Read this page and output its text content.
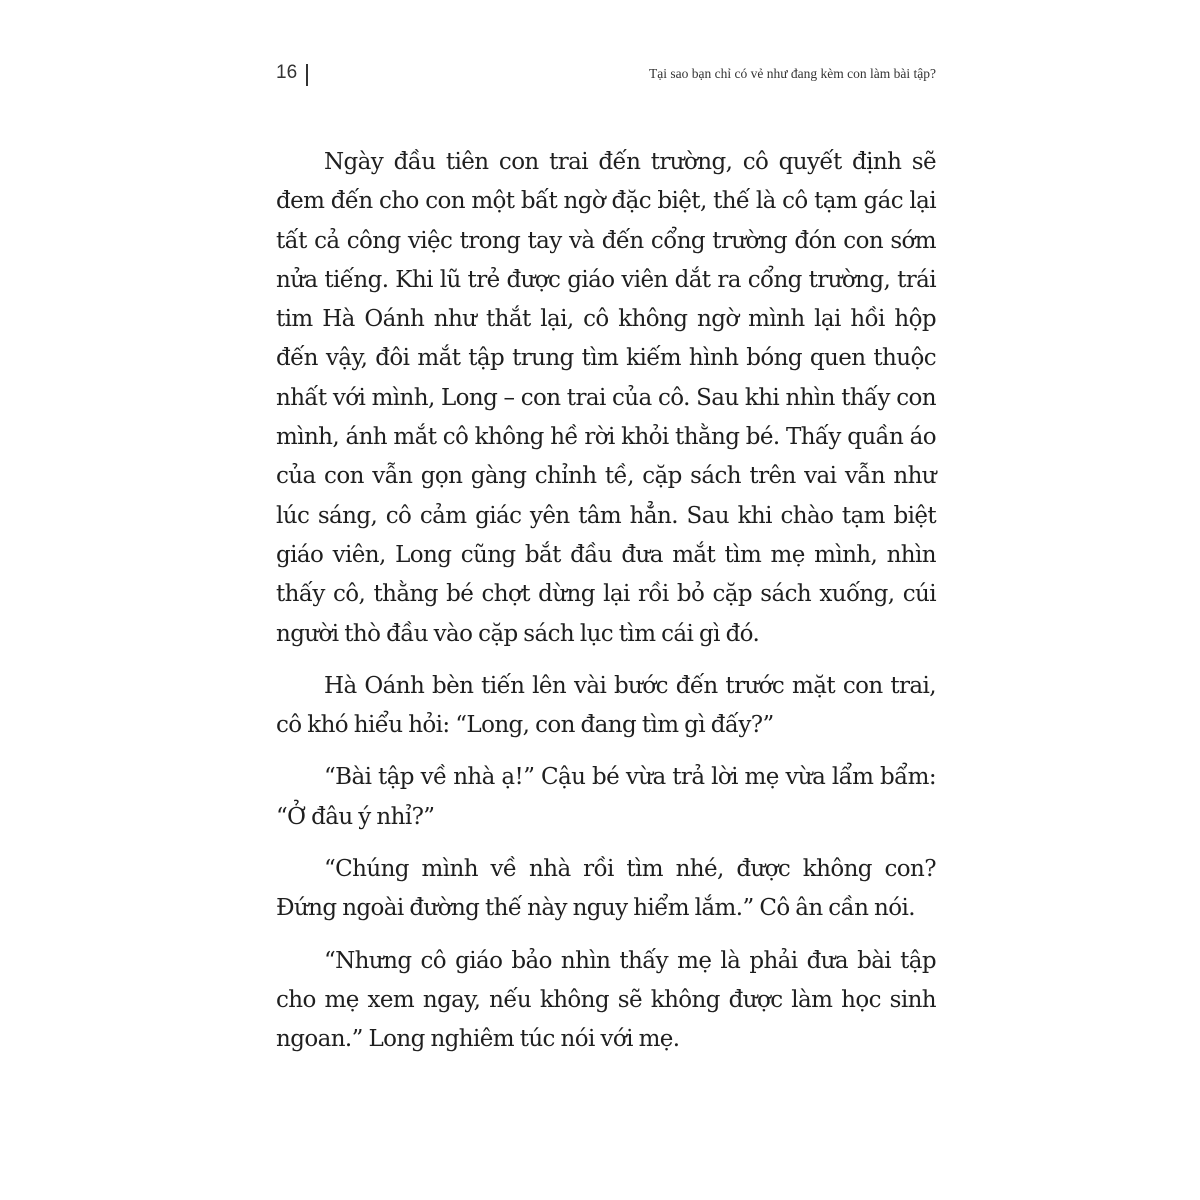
16	Tại sao bạn chỉ có vẻ như đang kèm con làm bài tập?

Ngày đầu tiên con trai đến trường, cô quyết định sẽ đem đến cho con một bất ngờ đặc biệt, thế là cô tạm gác lại tất cả công việc trong tay và đến cổng trường đón con sớm nửa tiếng. Khi lũ trẻ được giáo viên dắt ra cổng trường, trái tim Hà Oánh như thắt lại, cô không ngờ mình lại hồi hộp đến vậy, đôi mắt tập trung tìm kiếm hình bóng quen thuộc nhất với mình, Long – con trai của cô. Sau khi nhìn thấy con mình, ánh mắt cô không hề rời khỏi thằng bé. Thấy quần áo của con vẫn gọn gàng chỉnh tề, cặp sách trên vai vẫn như lúc sáng, cô cảm giác yên tâm hẳn. Sau khi chào tạm biệt giáo viên, Long cũng bắt đầu đưa mắt tìm mẹ mình, nhìn thấy cô, thằng bé chợt dừng lại rồi bỏ cặp sách xuống, cúi người thò đầu vào cặp sách lục tìm cái gì đó.

Hà Oánh bèn tiến lên vài bước đến trước mặt con trai, cô khó hiểu hỏi: “Long, con đang tìm gì đấy?”

“Bài tập về nhà ạ!” Cậu bé vừa trả lời mẹ vừa lẩm bẩm: “Ở đâu ý nhỉ?”

“Chúng mình về nhà rồi tìm nhé, được không con? Đứng ngoài đường thế này nguy hiểm lắm.” Cô ân cần nói.

“Nhưng cô giáo bảo nhìn thấy mẹ là phải đưa bài tập cho mẹ xem ngay, nếu không sẽ không được làm học sinh ngoan.” Long nghiêm túc nói với mẹ.
